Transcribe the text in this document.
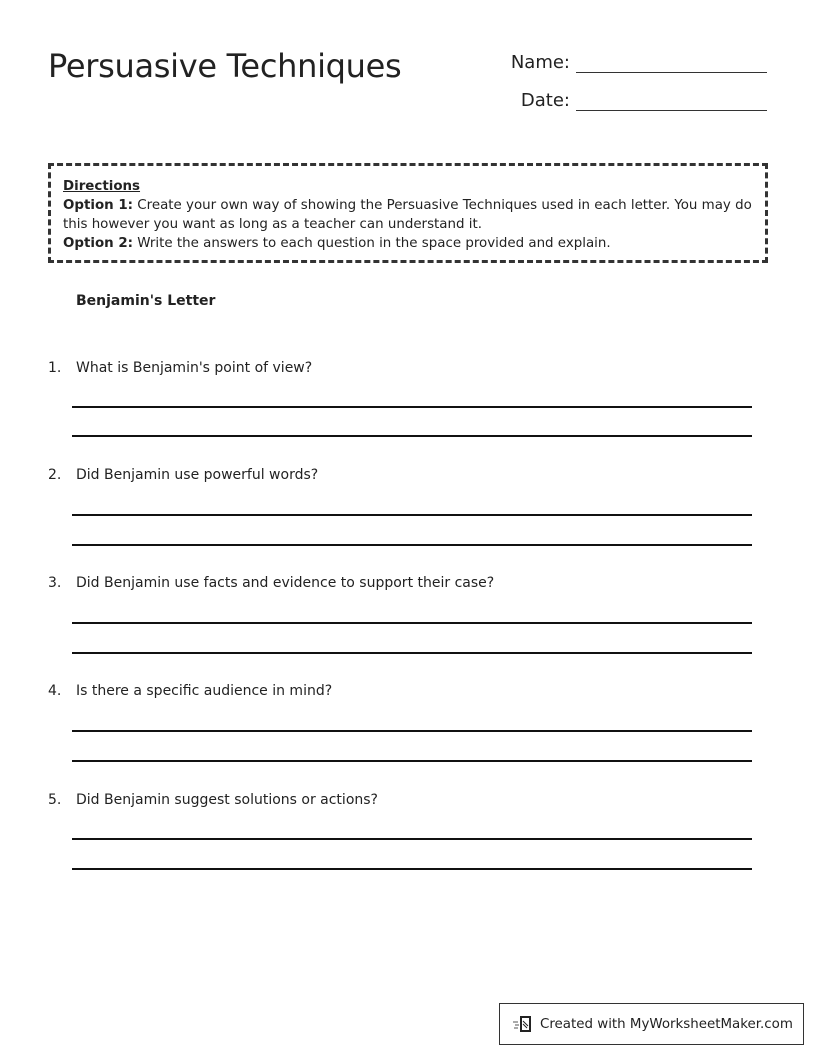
Persuasive Techniques	Name:
Date:
Directions
Option 1: Create your own way of showing the Persuasive Techniques used in each letter. You may do this however you want as long as a teacher can understand it.
Option 2: Write the answers to each question in the space provided and explain.
Benjamin's Letter
1.	What is Benjamin's point of view?
2.	Did Benjamin use powerful words?
3.	Did Benjamin use facts and evidence to support their case?
4.	Is there a specific audience in mind?
5.	Did Benjamin suggest solutions or actions?
Created with MyWorksheetMaker.com
